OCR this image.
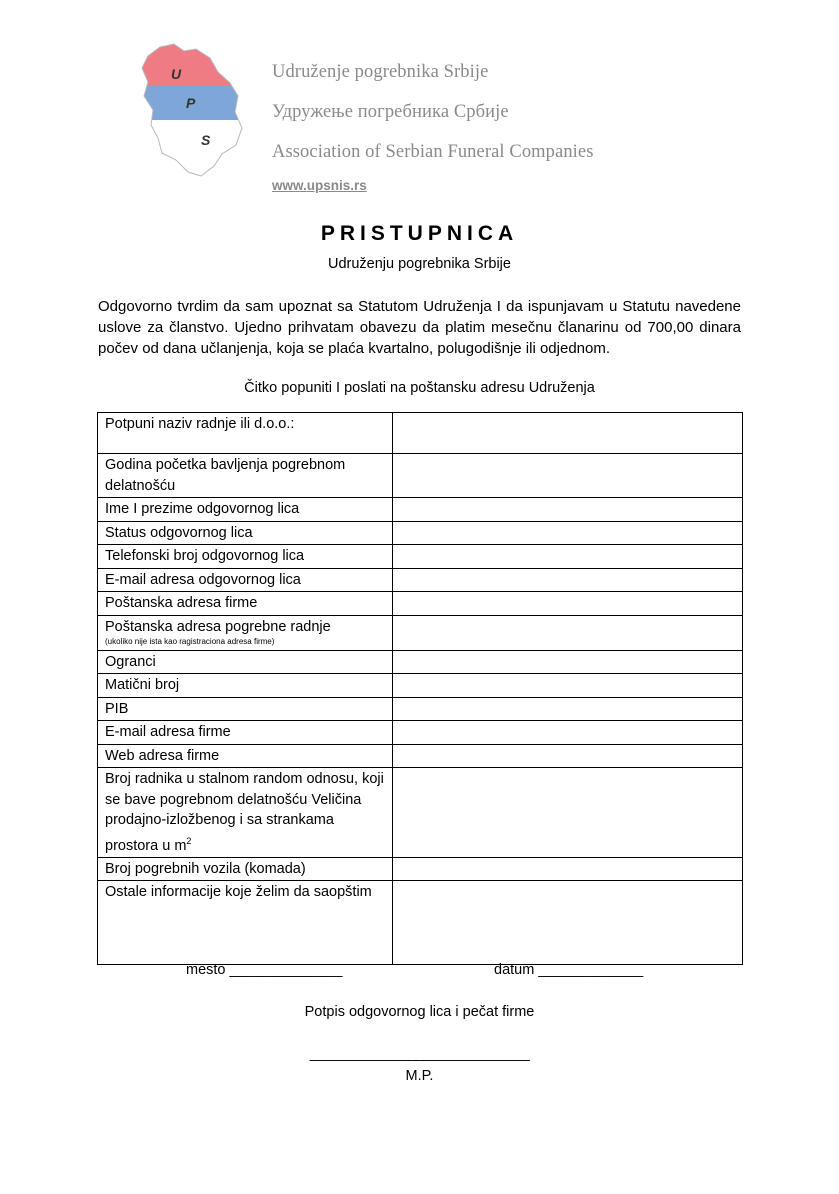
U
P
S
Udruženje pogrebnika Srbije
Удружење погребника Србије
Association of Serbian Funeral Companies
www.upsnis.rs
PRISTUPNICA
Udruženju pogrebnika Srbije
Odgovorno tvrdim da sam upoznat sa Statutom Udruženja I da ispunjavam u Statutu navedene uslove za članstvo. Ujedno prihvatam obavezu da platim mesečnu članarinu od 700,00 dinara počev od dana učlanjenja, koja se plaća kvartalno, polugodišnje ili odjednom.
Čitko popuniti I poslati na poštansku adresu Udruženja
Potpuni naziv radnje ili d.o.o.:	
Godina početka bavljenja pogrebnom delatnošću	
Ime I prezime odgovornog lica	
Status odgovornog lica	
Telefonski broj odgovornog lica	
E-mail adresa odgovornog lica	
Poštanska adresa firme	
Poštanska adresa pogrebne radnje
(ukoliko nije ista kao ragistraciona adresa firme)	

Ogranci	
Matični broj	
PIB	
E-mail adresa firme	
Web adresa firme	
Broj radnika u stalnom random odnosu, koji se bave pogrebnom delatnošću Veličina prodajno-izložbenog i sa strankama prostora u $m^2$	
Broj pogrebnih vozila (komada)	
Ostale informacije koje želim da saopštim	
mesto ______________	datum _____________
Potpis odgovornog lica i pečat firme
_____________________________
M.P.
